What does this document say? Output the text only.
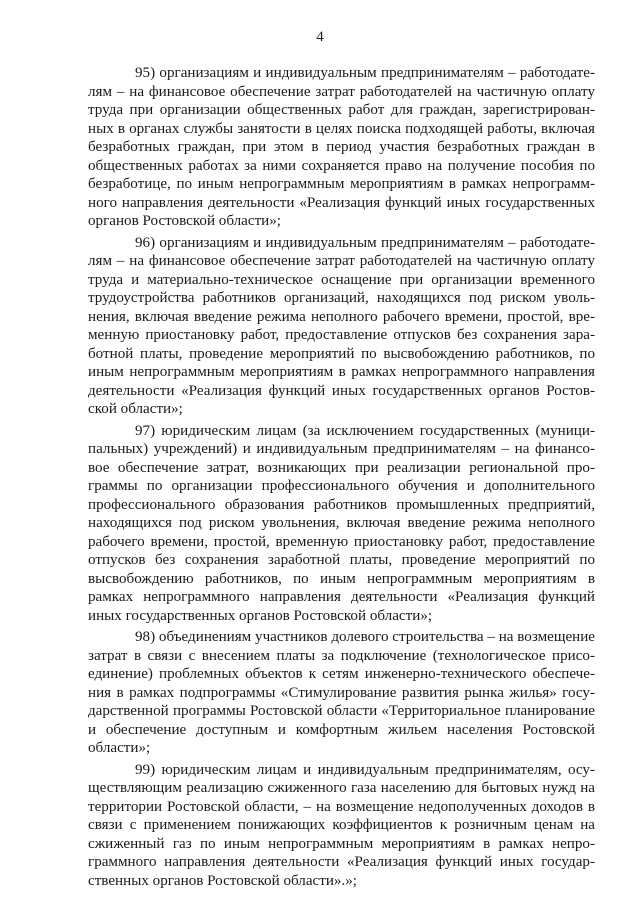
4

95) организациям и индивидуальным предпринимателям – работодателям – на финансовое обеспечение затрат работодателей на частичную оплату труда при организации общественных работ для граждан, зарегистрированных в органах службы занятости в целях поиска подходящей работы, включая безработных граждан, при этом в период участия безработных граждан в общественных работах за ними сохраняется право на получение пособия по безработице, по иным непрограммным мероприятиям в рамках непрограммного направления деятельности «Реализация функций иных государственных органов Ростовской области»;

96) организациям и индивидуальным предпринимателям – работодателям – на финансовое обеспечение затрат работодателей на частичную оплату труда и материально-техническое оснащение при организации временного трудоустройства работников организаций, находящихся под риском увольнения, включая введение режима неполного рабочего времени, простой, временную приостановку работ, предоставление отпусков без сохранения заработной платы, проведение мероприятий по высвобождению работников, по иным непрограммным мероприятиям в рамках непрограммного направления деятельности «Реализация функций иных государственных органов Ростовской области»;

97) юридическим лицам (за исключением государственных (муниципальных) учреждений) и индивидуальным предпринимателям – на финансовое обеспечение затрат, возникающих при реализации региональной программы по организации профессионального обучения и дополнительного профессионального образования работников промышленных предприятий, находящихся под риском увольнения, включая введение режима неполного рабочего времени, простой, временную приостановку работ, предоставление отпусков без сохранения заработной платы, проведение мероприятий по высвобождению работников, по иным непрограммным мероприятиям в рамках непрограммного направления деятельности «Реализация функций иных государственных органов Ростовской области»;

98) объединениям участников долевого строительства – на возмещение затрат в связи с внесением платы за подключение (технологическое присоединение) проблемных объектов к сетям инженерно-технического обеспечения в рамках подпрограммы «Стимулирование развития рынка жилья» государственной программы Ростовской области «Территориальное планирование и обеспечение доступным и комфортным жильем населения Ростовской области»;

99) юридическим лицам и индивидуальным предпринимателям, осуществляющим реализацию сжиженного газа населению для бытовых нужд на территории Ростовской области, – на возмещение недополученных доходов в связи с применением понижающих коэффициентов к розничным ценам на сжиженный газ по иным непрограммным мероприятиям в рамках непрограммного направления деятельности «Реализация функций иных государственных органов Ростовской области».»;
